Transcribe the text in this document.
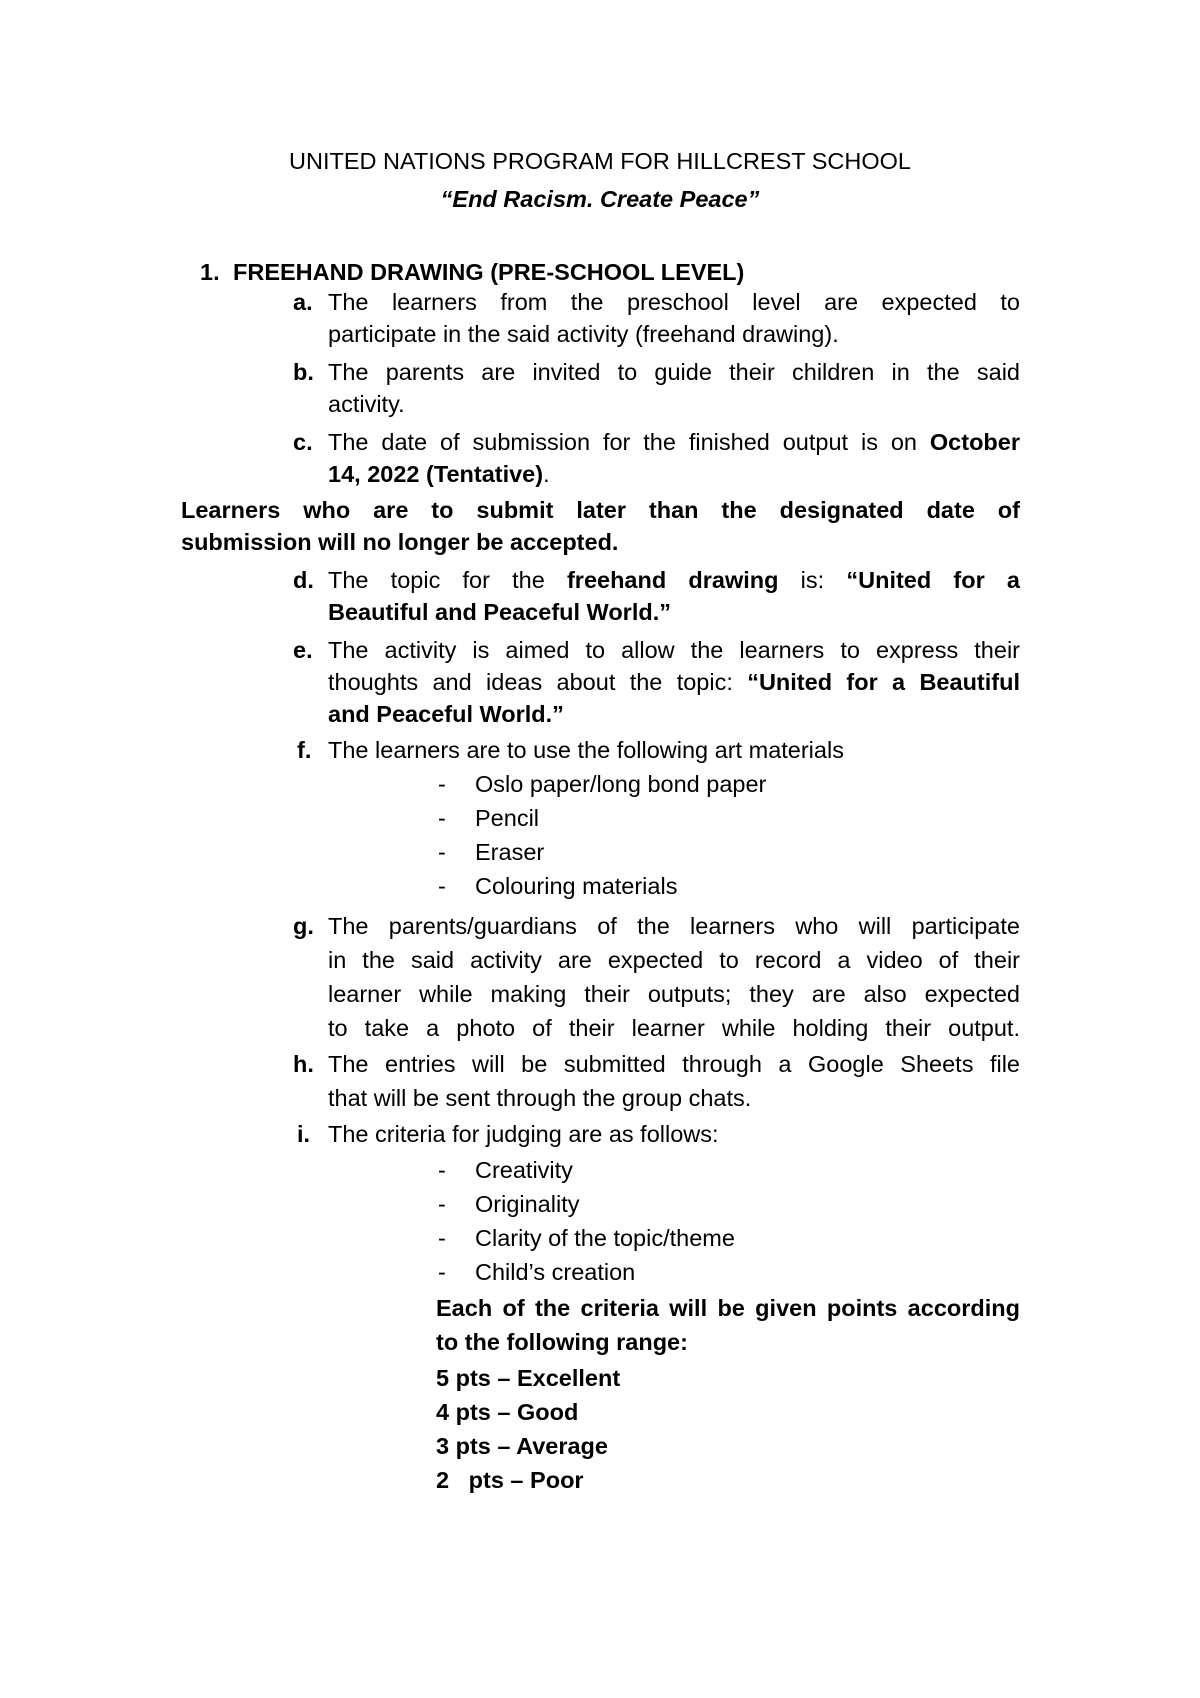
UNITED NATIONS PROGRAM FOR HILLCREST SCHOOL
“End Racism. Create Peace”
1. FREEHAND DRAWING (PRE-SCHOOL LEVEL)
a. The learners from the preschool level are expected to
participate in the said activity (freehand drawing).
b. The parents are invited to guide their children in the said
activity.
c. The date of submission for the finished output is on October
14, 2022 (Tentative).
Learners who are to submit later than the designated date of
submission will no longer be accepted.
d. The topic for the freehand drawing is: “United for a
Beautiful and Peaceful World.”
e. The activity is aimed to allow the learners to express their
thoughts and ideas about the topic: “United for a Beautiful
and Peaceful World.”
f. The learners are to use the following art materials
- Oslo paper/long bond paper
- Pencil
- Eraser
- Colouring materials
g. The parents/guardians of the learners who will participate
in the said activity are expected to record a video of their
learner while making their outputs; they are also expected
to take a photo of their learner while holding their output.
h. The entries will be submitted through a Google Sheets file
that will be sent through the group chats.
i. The criteria for judging are as follows:
- Creativity
- Originality
- Clarity of the topic/theme
- Child’s creation
Each of the criteria will be given points according
to the following range:
5 pts – Excellent
4 pts – Good
3 pts – Average
2   pts – Poor
